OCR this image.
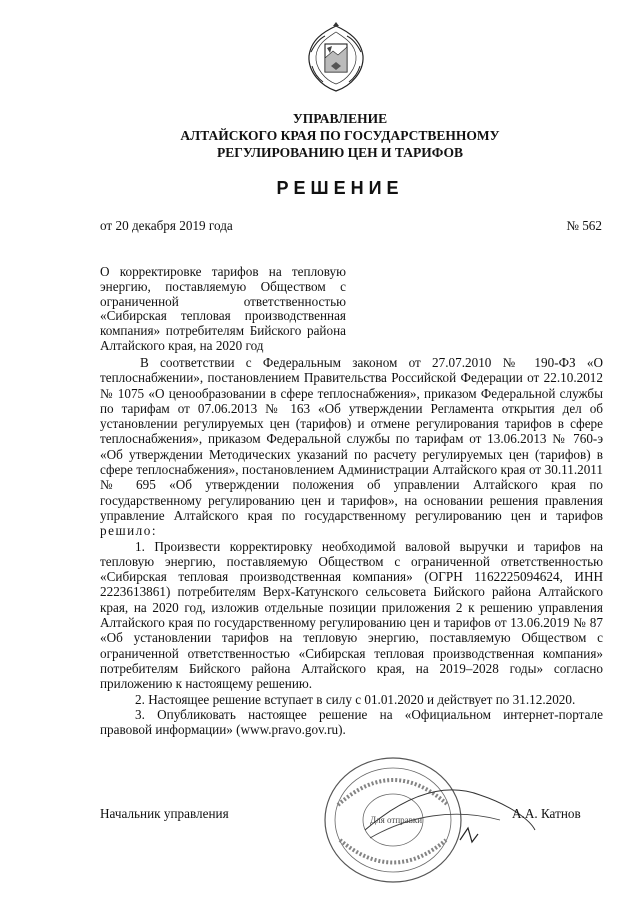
УПРАВЛЕНИЕ
АЛТАЙСКОГО КРАЯ ПО ГОСУДАРСТВЕННОМУ
РЕГУЛИРОВАНИЮ ЦЕН И ТАРИФОВ
РЕШЕНИЕ
от 20 декабря 2019 года	№ 562
О корректировке тарифов на тепловую энергию, поставляемую Обществом с ограниченной ответственностью «Сибирская тепловая производственная компания» потребителям Бийского района Алтайского края, на 2020 год

В соответствии с Федеральным законом от 27.07.2010 № 190-ФЗ «О теплоснабжении», постановлением Правительства Российской Федерации от 22.10.2012 № 1075 «О ценообразовании в сфере теплоснабжения», приказом Федеральной службы по тарифам от 07.06.2013 № 163 «Об утверждении Регламента открытия дел об установлении регулируемых цен (тарифов) и отмене регулирования тарифов в сфере теплоснабжения», приказом Федеральной службы по тарифам от 13.06.2013 № 760-э «Об утверждении Методических указаний по расчету регулируемых цен (тарифов) в сфере теплоснабжения», постановлением Администрации Алтайского края от 30.11.2011 № 695 «Об утверждении положения об управлении Алтайского края по государственному регулированию цен и тарифов», на основании решения правления управление Алтайского края по государственному регулированию цен и тарифов решило:

1. Произвести корректировку необходимой валовой выручки и тарифов на тепловую энергию, поставляемую Обществом с ограниченной ответственностью «Сибирская тепловая производственная компания» (ОГРН 1162225094624, ИНН 2223613861) потребителям Верх-Катунского сельсовета Бийского района Алтайского края, на 2020 год, изложив отдельные позиции приложения 2 к решению управления Алтайского края по государственному регулированию цен и тарифов от 13.06.2019 № 87 «Об установлении тарифов на тепловую энергию, поставляемую Обществом с ограниченной ответственностью «Сибирская тепловая производственная компания» потребителям Бийского района Алтайского края, на 2019–2028 годы» согласно приложению к настоящему решению.

2. Настоящее решение вступает в силу с 01.01.2020 и действует по 31.12.2020.

3. Опубликовать настоящее решение на «Официальном интернет-портале правовой информации» (www.pravo.gov.ru).

Для отправки
Начальник управления	А.А. Катнов
